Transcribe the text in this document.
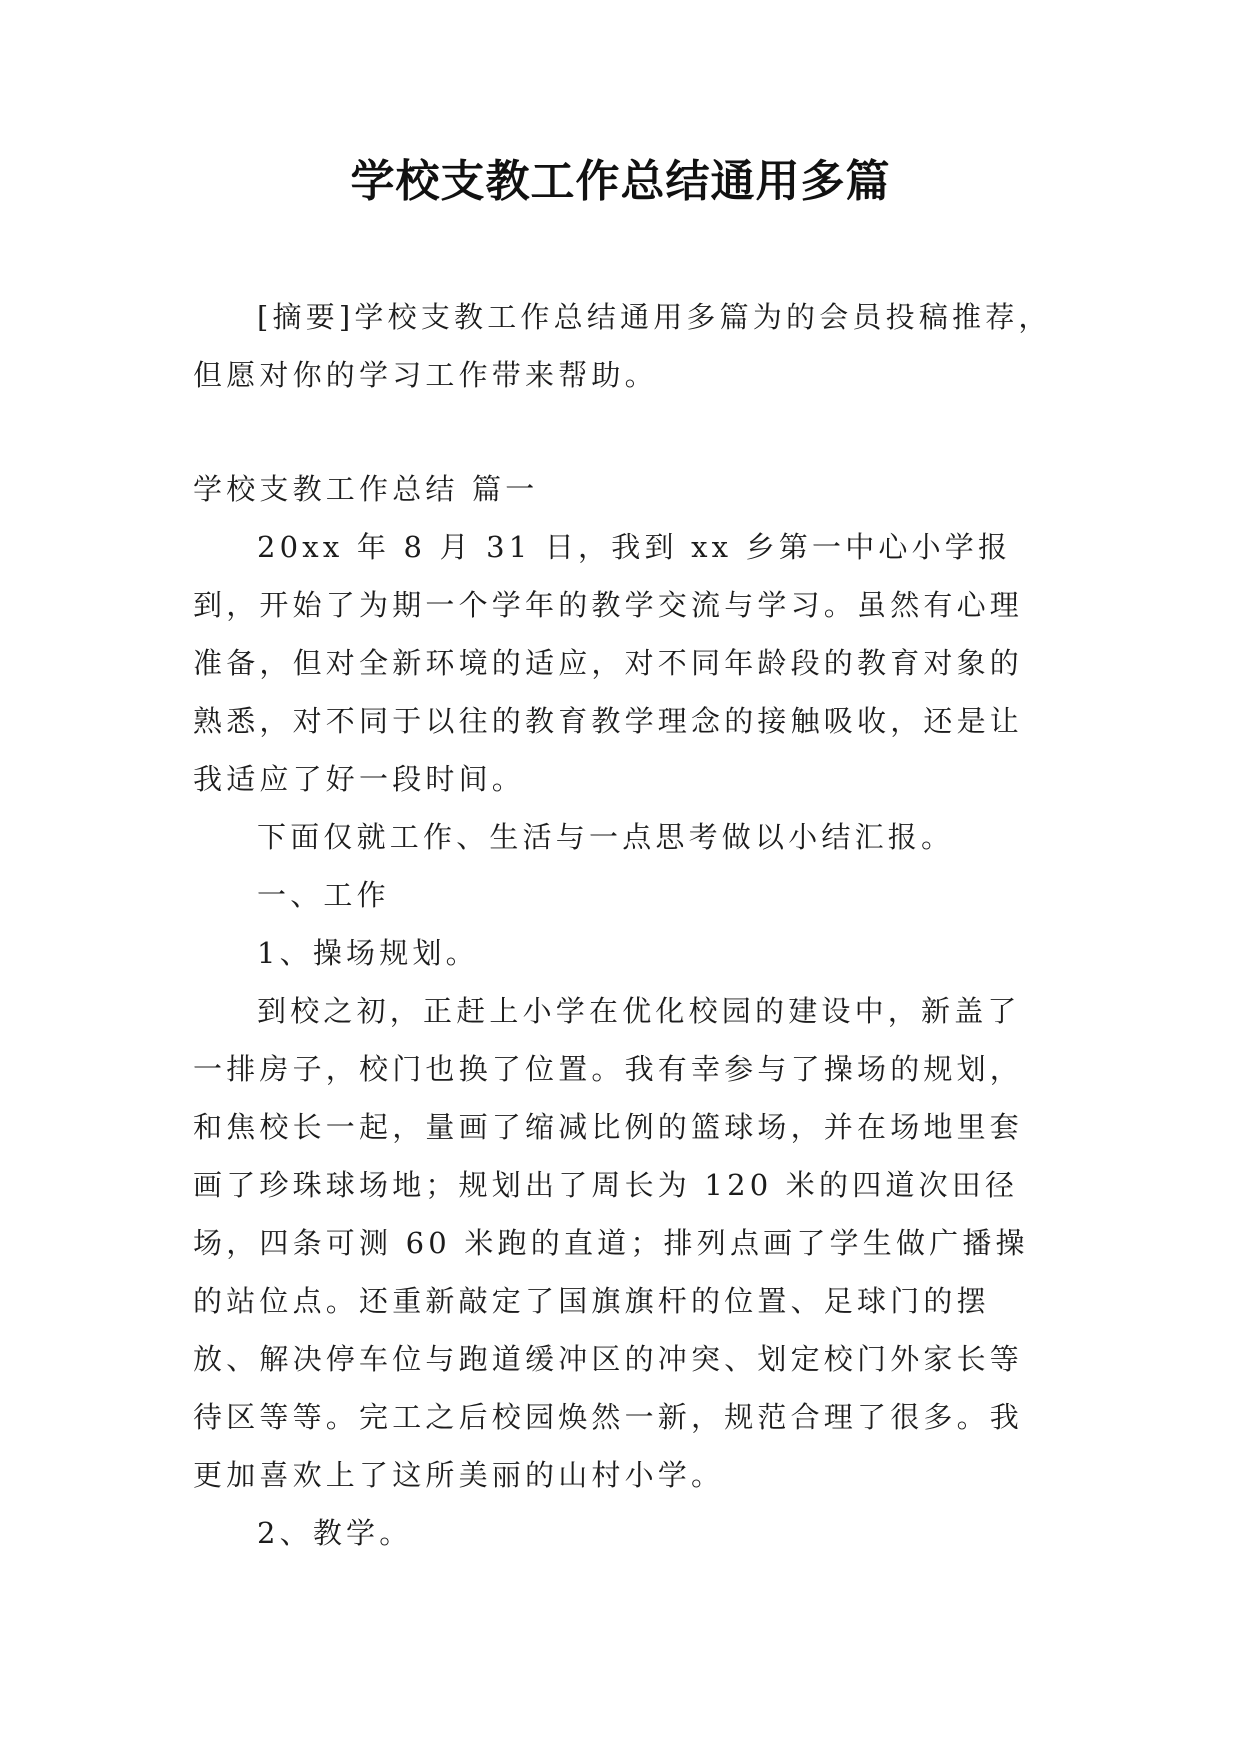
学校支教工作总结通用多篇

[摘要]学校支教工作总结通用多篇为的会员投稿推荐，但愿对你的学习工作带来帮助。

学校支教工作总结 篇一

20xx 年 8 月 31 日，我到 xx 乡第一中心小学报到，开始了为期一个学年的教学交流与学习。虽然有心理准备，但对全新环境的适应，对不同年龄段的教育对象的熟悉，对不同于以往的教育教学理念的接触吸收，还是让我适应了好一段时间。

下面仅就工作、生活与一点思考做以小结汇报。

一、工作

1、操场规划。

到校之初，正赶上小学在优化校园的建设中，新盖了一排房子，校门也换了位置。我有幸参与了操场的规划，和焦校长一起，量画了缩减比例的篮球场，并在场地里套画了珍珠球场地；规划出了周长为 120 米的四道次田径场，四条可测 60 米跑的直道；排列点画了学生做广播操的站位点。还重新敲定了国旗旗杆的位置、足球门的摆放、解决停车位与跑道缓冲区的冲突、划定校门外家长等待区等等。完工之后校园焕然一新，规范合理了很多。我更加喜欢上了这所美丽的山村小学。

2、教学。
